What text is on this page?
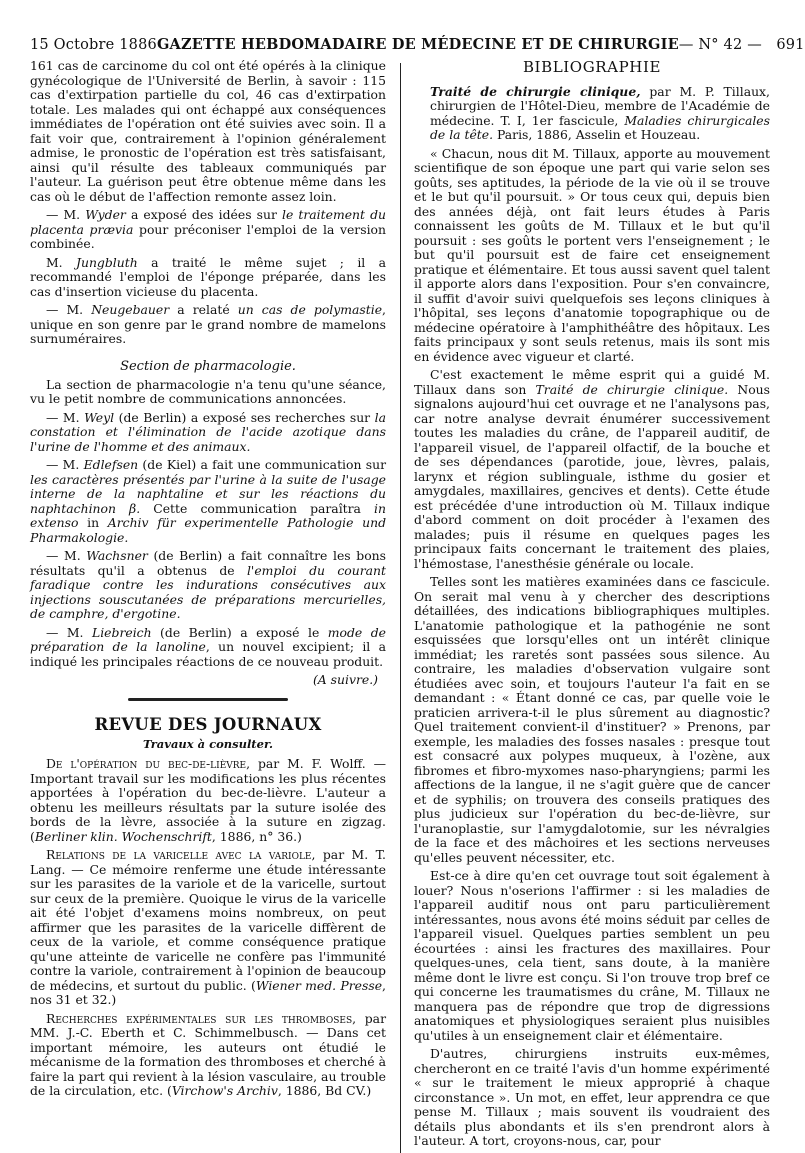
15 Octobre 1886 GAZETTE HEBDOMADAIRE DE MÉDECINE ET DE CHIRURGIE — N° 42 — 691

161 cas de carcinome du col ont été opérés à la clinique gynécologique de l'Université de Berlin, à savoir : 115 cas d'extirpation partielle du col, 46 cas d'extirpation totale. Les malades qui ont échappé aux conséquences immédiates de l'opération ont été suivies avec soin. Il a fait voir que, contrairement à l'opinion généralement admise, le pronostic de l'opération est très satisfaisant, ainsi qu'il résulte des tableaux communiqués par l'auteur. La guérison peut être obtenue même dans les cas où le début de l'affection remonte assez loin.

— M. Wyder a exposé des idées sur le traitement du placenta prævia pour préconiser l'emploi de la version combinée.

M. Jungbluth a traité le même sujet ; il a recommandé l'emploi de l'éponge préparée, dans les cas d'insertion vicieuse du placenta.

— M. Neugebauer a relaté un cas de polymastie, unique en son genre par le grand nombre de mamelons surnuméraires.

Section de pharmacologie.

La section de pharmacologie n'a tenu qu'une séance, vu le petit nombre de communications annoncées.

— M. Weyl (de Berlin) a exposé ses recherches sur la constation et l'élimination de l'acide azotique dans l'urine de l'homme et des animaux.

— M. Edlefsen (de Kiel) a fait une communication sur les caractères présentés par l'urine à la suite de l'usage interne de la naphtaline et sur les réactions du naphtachinon β. Cette communication paraîtra in extenso in Archiv für experimentelle Pathologie und Pharmakologie.

— M. Wachsner (de Berlin) a fait connaître les bons résultats qu'il a obtenus de l'emploi du courant faradique contre les indurations consécutives aux injections souscutanées de préparations mercurielles, de camphre, d'ergotine.

— M. Liebreich (de Berlin) a exposé le mode de préparation de la lanoline, un nouvel excipient; il a indiqué les principales réactions de ce nouveau produit.

(A suivre.)
REVUE DES JOURNAUX
Travaux à consulter.

De l'opération du bec-de-lièvre, par M. F. Wolff. — Important travail sur les modifications les plus récentes apportées à l'opération du bec-de-lièvre. L'auteur a obtenu les meilleurs résultats par la suture isolée des bords de la lèvre, associée à la suture en zigzag. (Berliner klin. Wochenschrift, 1886, n° 36.)

Relations de la varicelle avec la variole, par M. T. Lang. — Ce mémoire renferme une étude intéressante sur les parasites de la variole et de la varicelle, surtout sur ceux de la première. Quoique le virus de la varicelle ait été l'objet d'examens moins nombreux, on peut affirmer que les parasites de la varicelle diffèrent de ceux de la variole, et comme conséquence pratique qu'une atteinte de varicelle ne confère pas l'immunité contre la variole, contrairement à l'opinion de beaucoup de médecins, et surtout du public. (Wiener med. Presse, nos 31 et 32.)

Recherches expérimentales sur les thromboses, par MM. J.-C. Eberth et C. Schimmelbusch. — Dans cet important mémoire, les auteurs ont étudié le mécanisme de la formation des thromboses et cherché à faire la part qui revient à la lésion vasculaire, au trouble de la circulation, etc. (Virchow's Archiv, 1886, Bd CV.)

BIBLIOGRAPHIE

Traité de chirurgie clinique, par M. P. Tillaux, chirurgien de l'Hôtel-Dieu, membre de l'Académie de médecine. T. I, 1er fascicule, Maladies chirurgicales de la tête. Paris, 1886, Asselin et Houzeau.

« Chacun, nous dit M. Tillaux, apporte au mouvement scientifique de son époque une part qui varie selon ses goûts, ses aptitudes, la période de la vie où il se trouve et le but qu'il poursuit. » Or tous ceux qui, depuis bien des années déjà, ont fait leurs études à Paris connaissent les goûts de M. Tillaux et le but qu'il poursuit : ses goûts le portent vers l'enseignement ; le but qu'il poursuit est de faire cet enseignement pratique et élémentaire. Et tous aussi savent quel talent il apporte alors dans l'exposition. Pour s'en convaincre, il suffit d'avoir suivi quelquefois ses leçons cliniques à l'hôpital, ses leçons d'anatomie topographique ou de médecine opératoire à l'amphithéâtre des hôpitaux. Les faits principaux y sont seuls retenus, mais ils sont mis en évidence avec vigueur et clarté.

C'est exactement le même esprit qui a guidé M. Tillaux dans son Traité de chirurgie clinique. Nous signalons aujourd'hui cet ouvrage et ne l'analysons pas, car notre analyse devrait énumérer successivement toutes les maladies du crâne, de l'appareil auditif, de l'appareil visuel, de l'appareil olfactif, de la bouche et de ses dépendances (parotide, joue, lèvres, palais, larynx et région sublinguale, isthme du gosier et amygdales, maxillaires, gencives et dents). Cette étude est précédée d'une introduction où M. Tillaux indique d'abord comment on doit procéder à l'examen des malades; puis il résume en quelques pages les principaux faits concernant le traitement des plaies, l'hémostase, l'anesthésie générale ou locale.

Telles sont les matières examinées dans ce fascicule. On serait mal venu à y chercher des descriptions détaillées, des indications bibliographiques multiples. L'anatomie pathologique et la pathogénie ne sont esquissées que lorsqu'elles ont un intérêt clinique immédiat; les raretés sont passées sous silence. Au contraire, les maladies d'observation vulgaire sont étudiées avec soin, et toujours l'auteur l'a fait en se demandant : « Étant donné ce cas, par quelle voie le praticien arrivera-t-il le plus sûrement au diagnostic? Quel traitement convient-il d'instituer? » Prenons, par exemple, les maladies des fosses nasales : presque tout est consacré aux polypes muqueux, à l'ozène, aux fibromes et fibro-myxomes naso-pharyngiens; parmi les affections de la langue, il ne s'agit guère que de cancer et de syphilis; on trouvera des conseils pratiques des plus judicieux sur l'opération du bec-de-lièvre, sur l'uranoplastie, sur l'amygdalotomie, sur les névralgies de la face et des mâchoires et les sections nerveuses qu'elles peuvent nécessiter, etc.

Est-ce à dire qu'en cet ouvrage tout soit également à louer? Nous n'oserions l'affirmer : si les maladies de l'appareil auditif nous ont paru particulièrement intéressantes, nous avons été moins séduit par celles de l'appareil visuel. Quelques parties semblent un peu écourtées : ainsi les fractures des maxillaires. Pour quelques-unes, cela tient, sans doute, à la manière même dont le livre est conçu. Si l'on trouve trop bref ce qui concerne les traumatismes du crâne, M. Tillaux ne manquera pas de répondre que trop de digressions anatomiques et physiologiques seraient plus nuisibles qu'utiles à un enseignement clair et élémentaire.

D'autres, chirurgiens instruits eux-mêmes, chercheront en ce traité l'avis d'un homme expérimenté « sur le traitement le mieux approprié à chaque circonstance ». Un mot, en effet, leur apprendra ce que pense M. Tillaux ; mais souvent ils voudraient des détails plus abondants et ils s'en prendront alors à l'auteur. A tort, croyons-nous, car, pour
